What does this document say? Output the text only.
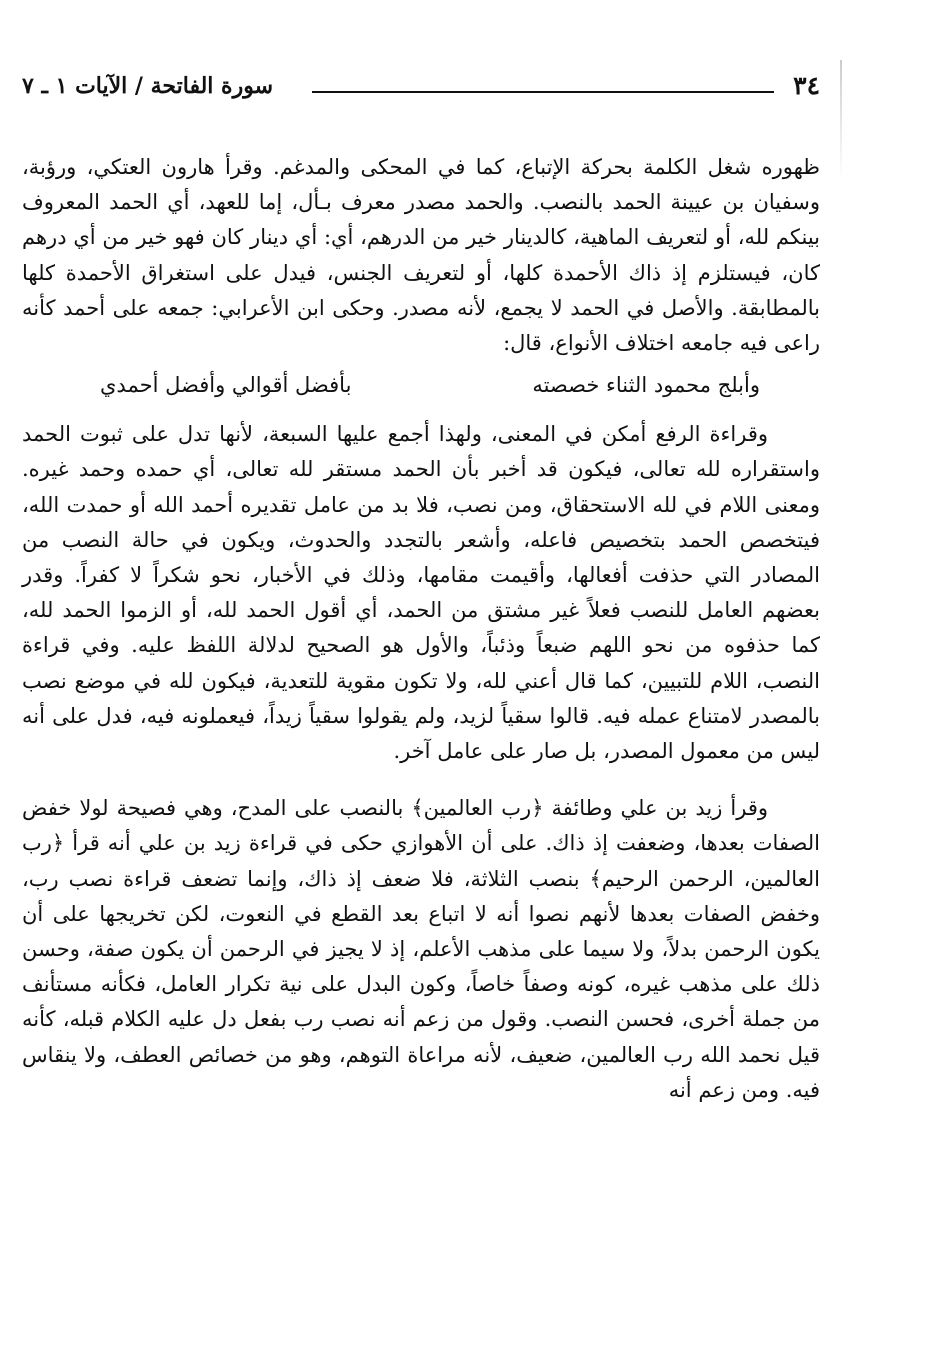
٣٤
سورة الفاتحة / الآيات ١ ـ ٧

ظهوره شغل الكلمة بحركة الإتباع، كما في المحكى والمدغم. وقرأ هارون العتكي، ورؤبة، وسفيان بن عيينة الحمد بالنصب. والحمد مصدر معرف بـأل، إما للعهد، أي الحمد المعروف بينكم لله، أو لتعريف الماهية، كالدينار خير من الدرهم، أي: أي دينار كان فهو خير من أي درهم كان، فيستلزم إذ ذاك الأحمدة كلها، أو لتعريف الجنس، فيدل على استغراق الأحمدة كلها بالمطابقة. والأصل في الحمد لا يجمع، لأنه مصدر. وحكى ابن الأعرابي: جمعه على أحمد كأنه راعى فيه جامعه اختلاف الأنواع، قال:

وأبلج محمود الثناء خصصته
بأفضل أقوالي وأفضل أحمدي

وقراءة الرفع أمكن في المعنى، ولهذا أجمع عليها السبعة، لأنها تدل على ثبوت الحمد واستقراره لله تعالى، فيكون قد أخبر بأن الحمد مستقر لله تعالى، أي حمده وحمد غيره. ومعنى اللام في لله الاستحقاق، ومن نصب، فلا بد من عامل تقديره أحمد الله أو حمدت الله، فيتخصص الحمد بتخصيص فاعله، وأشعر بالتجدد والحدوث، ويكون في حالة النصب من المصادر التي حذفت أفعالها، وأقيمت مقامها، وذلك في الأخبار، نحو شكراً لا كفراً. وقدر بعضهم العامل للنصب فعلاً غير مشتق من الحمد، أي أقول الحمد لله، أو الزموا الحمد لله، كما حذفوه من نحو اللهم ضبعاً وذئباً، والأول هو الصحيح لدلالة اللفظ عليه. وفي قراءة النصب، اللام للتبيين، كما قال أعني لله، ولا تكون مقوية للتعدية، فيكون لله في موضع نصب بالمصدر لامتناع عمله فيه. قالوا سقياً لزيد، ولم يقولوا سقياً زيداً، فيعملونه فيه، فدل على أنه ليس من معمول المصدر، بل صار على عامل آخر.

وقرأ زيد بن علي وطائفة ﴿رب العالمين﴾ بالنصب على المدح، وهي فصيحة لولا خفض الصفات بعدها، وضعفت إذ ذاك. على أن الأهوازي حكى في قراءة زيد بن علي أنه قرأ ﴿رب العالمين، الرحمن الرحيم﴾ بنصب الثلاثة، فلا ضعف إذ ذاك، وإنما تضعف قراءة نصب رب، وخفض الصفات بعدها لأنهم نصوا أنه لا اتباع بعد القطع في النعوت، لكن تخريجها على أن يكون الرحمن بدلاً، ولا سيما على مذهب الأعلم، إذ لا يجيز في الرحمن أن يكون صفة، وحسن ذلك على مذهب غيره، كونه وصفاً خاصاً، وكون البدل على نية تكرار العامل، فكأنه مستأنف من جملة أخرى، فحسن النصب. وقول من زعم أنه نصب رب بفعل دل عليه الكلام قبله، كأنه قيل نحمد الله رب العالمين، ضعيف، لأنه مراعاة التوهم، وهو من خصائص العطف، ولا ينقاس فيه. ومن زعم أنه
